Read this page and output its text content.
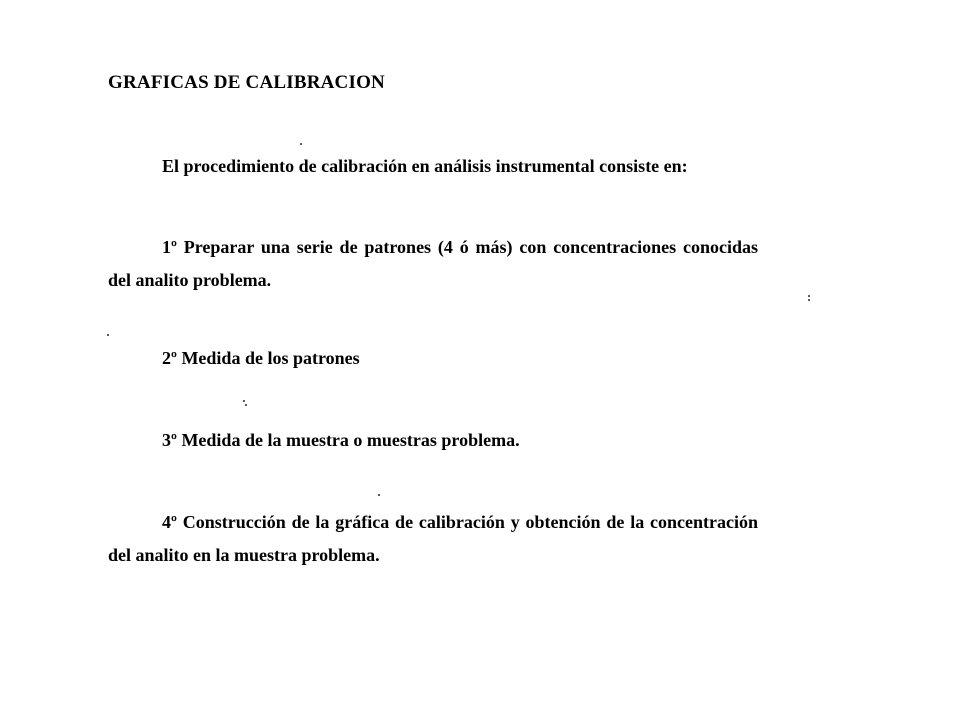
GRAFICAS DE CALIBRACION
El procedimiento de calibración en análisis instrumental consiste en:
1º Preparar una serie de patrones (4 ó más) con concentraciones conocidas del analito problema.
2º Medida de los patrones
3º Medida de la muestra o muestras problema.
4º Construcción de la gráfica de calibración y obtención de la concentración del analito en la muestra problema.
